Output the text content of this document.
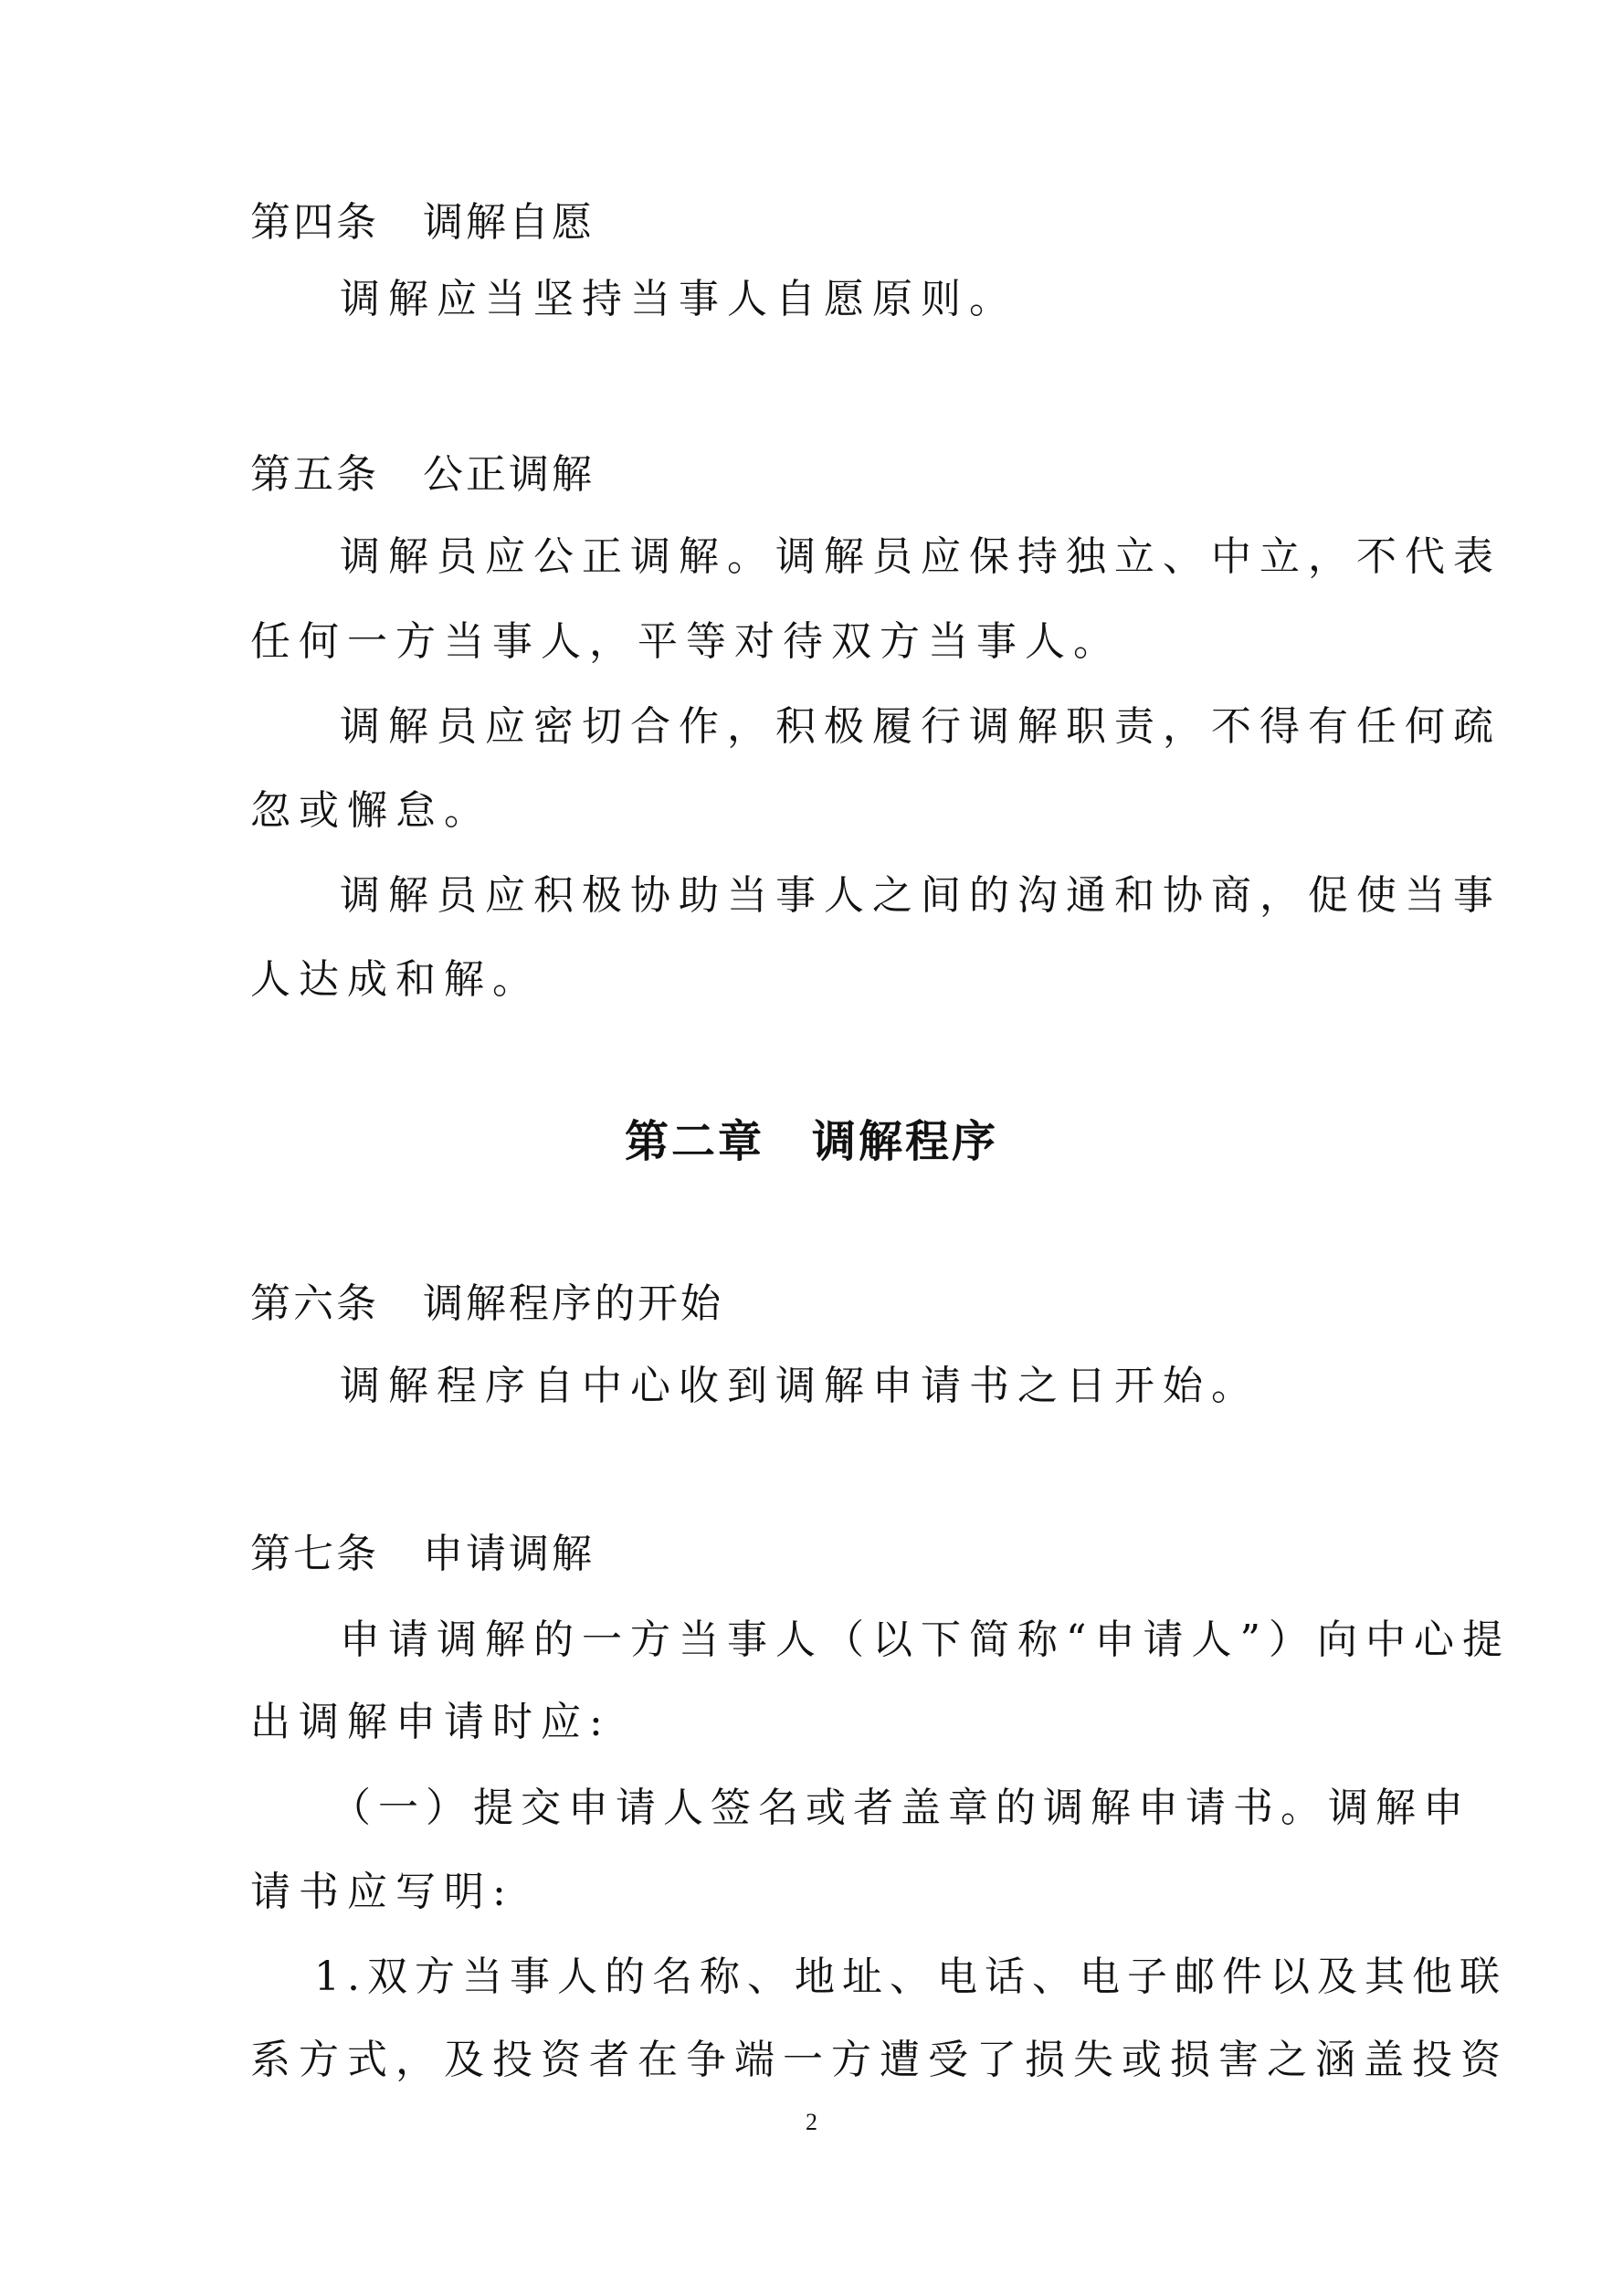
第四条 调解自愿

调解应当坚持当事人自愿原则。

第五条 公正调解

调解员应公正调解。调解员应保持独立、中立，不代表

任何一方当事人，平等对待双方当事人。

调解员应密切合作，积极履行调解职责，不得有任何疏

忽或懈怠。

调解员应积极协助当事人之间的沟通和协商，促使当事

人达成和解。

第二章 调解程序

第六条 调解程序的开始

调解程序自中心收到调解申请书之日开始。

第七条 申请调解

申请调解的一方当事人（以下简称“申请人”）向中心提

出调解申请时应:

（一）提交申请人签名或者盖章的调解申请书。调解申

请书应写明:

1.双方当事人的名称、地址、电话、电子邮件以及其他联

系方式，及投资者在争端一方遭受了损失或损害之涵盖投资

2
